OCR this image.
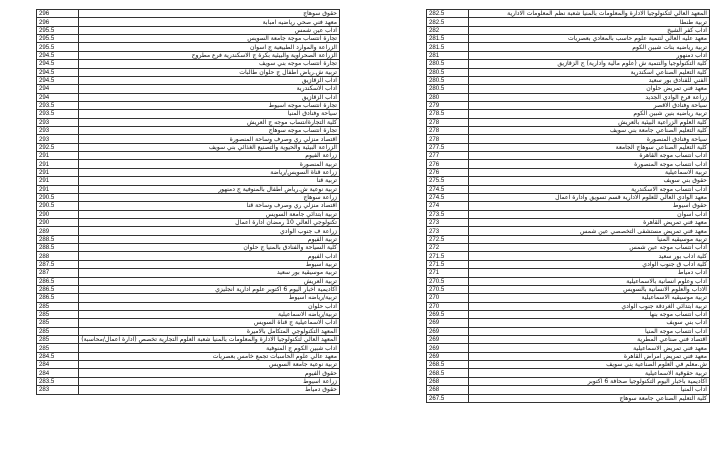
296	حقوق سوهاج
296	معهد فني صحي رياضيه امبابة
295.5	اداب عين شمس
295.5	تجارة انتساب موجة جامعة السويس
295.5	الزراعة والموارد الطبيعية ج اسوان
294.5	الزراعة الصحراوية والبيئية بكرة ج الاسكندرية فرع مطروح
294.5	تجارة انتساب موجه بني سويف
294.5	تربية ش.رياض اطفال ج حلوان طالبات
294.5	اداب الزقازيق
294	اداب الاسكندرية
294	اداب الزقازيق
293.5	تجارة انتساب موجه اسيوط
293.5	سياحة وفنادق المنيا
293	كلية التجارةانتساب موجه ج العريش
293	تجارة انتساب موجه سوهاج
293	اقتصاد منزلي ري وصرف وساحة المنصورة
292.5	الزراعة البيئية والحيوية والتصنيع الغذائي بني سويف
291	زراعة الفيوم
291	تربية المنصورة
291	زراعة قناة السويس/رياضة
291	تربية قنا
291	تربية نوعية ش.رياض اطفال بالمنوفية ج دمنهور
290.5	زراعة سوهاج
290.5	اقتصاد منزلي ري وصرف وساحة قنا
290	تربية ابتدائي جامعة السويس
290	تكنولوجي العالي 10 رمضان ادارة اعمال
289	زراعة ف جنوب الوادي
288.5	تربية الفيوم
288.5	كلية السياحة والفنادق بالمنيا ج حلوان
288	اداب الفيوم
287.5	تربية اسيوط
287	تربية موسيقية بور سعيد
286.5	تربية العريش
286.5	اكاديمية اخبار اليوم 6 اكتوبر علوم ادارية انجليزي
286.5	تربية/رياضه اسيوط
285	اداب حلوان
285	تربية/رياضه الاسماعيلية
285	اداب الاسماعيلية ج قناة السويس
285	المعهد التكنولوجي المتكامل بالاميرة
285	المعهد العالي لتكنولوجيا الادارة والمعلومات بالمنيا شعبة العلوم التجارية تخصص (ادارة اعمال/محاسبة)
285	اداب شبين الكوم ج المنوفية
284.5	معهد عالي علوم الحاسبات تجمع خامس بعصريات
284	تربية نوعية جامعة السويس
284	حقوق الفيوم
283.5	زراعة اسيوط
283	حقوق دمياط
282.5	المعهد العالي لتكنولوجيا الادارة والمعلومات بالمنيا شعبة نظم المعلومات الادارية
282.5	تربية طنطا
282	اداب كفر الشيخ
281.5	معهد عليه العالي لتنمية علوم حاسب بالمعادي بعصريات
281.5	تربية رياضيه بنات شبين الكوم
281	اداب دمنهور
280.5	كلية التكنولوجيا والتنمية ش (علوم مالية وادارية) ج الزقازيق
280.5	كلية التعليم الصناعي اسكندرية
280.5	الفني للفنادق بور سعيد
280.5	معهد فني تمريض حلوان
280	زراعة فرع الوادي الجديد
279	سياحة وفنادق الاقصر
278.5	تربية رياضيه بنين شبين الكوم
278	كلية العلوم الزراعية البيئية بالعريش
278	كلية التعليم الصناعي جامعة بني سويف
278	سياحة وفنادق المنصورة
277.5	كلية التعليم الصناعي سوهاج الجامعة
277	اداب انتساب موجه القاهرة
276	اداب انتساب موجه المنصورة
276	تربية الاسماعيلية
275.5	حقوق بني سويف
274.5	اداب انتساب موجه الاسكندرية
274.5	معهد الوادي العالي للعلوم الادارية قسم تسويق وادارة اعمال
274	حقوق اسيوط
273.5	اداب اسوان
273	معهد فني تمريض القاهرة
273	معهد فني تمريض مستشفى التخصصي عين شمس
272.5	تربية موسيقيه المنيا
272	اداب انتساب موجه عين شمس
271.5	كلية اداب بور سعيد
271.5	كلية اداب ق جنوب الوادي
271	اداب دمياط
270.5	اداب وعلوم انسانية بالاسماعيلية
270.5	الاداب والعلوم الانسانية بالسويس
270	تربية موسيقيه الاسماعيلية
270	تربية ابتدائي الغردقة جنوب الوادي
269.5	اداب انتساب موجه بنها
269	اداب بني سويف
269	اداب انتساب موجه المنيا
269	اقتصاد فني صناعي المطرية
269	معهد فني تمريض الاسماعيلية
269	معهد فني تمريض امراض القاهرة
268.5	ش.معلم في العلوم الصناعية بني سويف
268.5	تربية حقوقية الاسماعيلية
268	اكاديمية باخبار اليوم التكنولوجيا صحافة 6 اكتوبر
268	اداب المنيا
267.5	كلية التعليم الصناعي جامعة سوهاج
